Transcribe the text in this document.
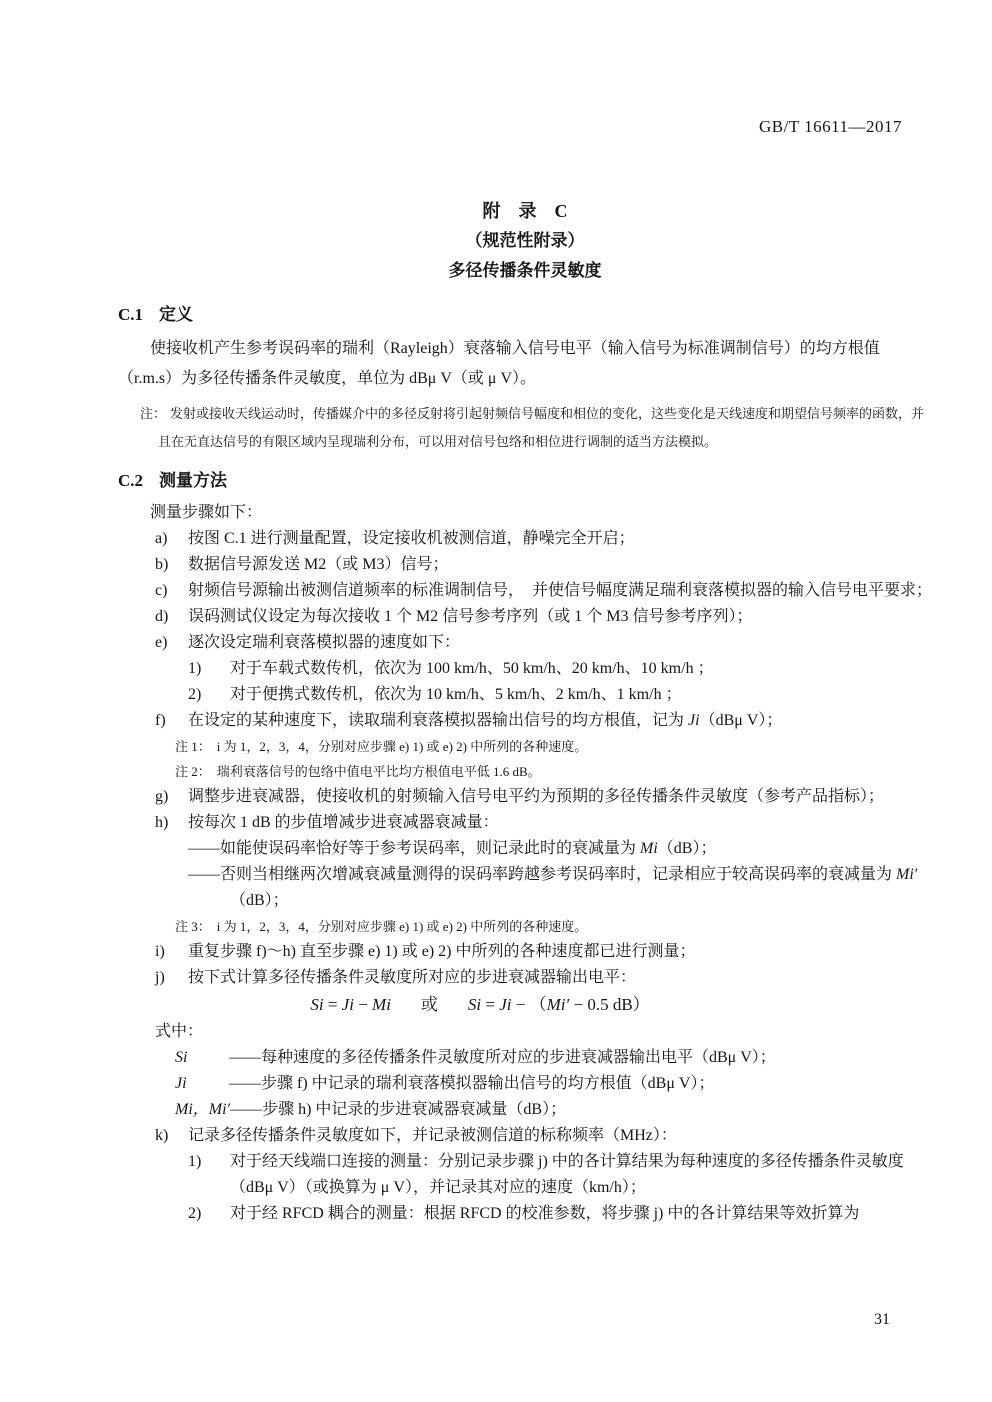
GB/T 16611—2017
附　录　C
（规范性附录）
多径传播条件灵敏度
C.1 定义

使接收机产生参考误码率的瑞利（Rayleigh）衰落输入信号电平（输入信号为标准调制信号）的均方根值（r.m.s）为多径传播条件灵敏度，单位为 dBμ V（或 μ V）。

注： 发射或接收天线运动时，传播媒介中的多径反射将引起射频信号幅度和相位的变化，这些变化是天线速度和期望信号频率的函数，并且在无直达信号的有限区域内呈现瑞利分布，可以用对信号包络和相位进行调制的适当方法模拟。
C.2 测量方法
测量步骤如下：
a) 按图 C.1 进行测量配置，设定接收机被测信道，静噪完全开启；
b) 数据信号源发送 M2（或 M3）信号；
c) 射频信号源输出被测信道频率的标准调制信号，　并使信号幅度满足瑞利衰落模拟器的输入信号电平要求；
d) 误码测试仪设定为每次接收 1 个 M2 信号参考序列（或 1 个 M3 信号参考序列）；
e) 逐次设定瑞利衰落模拟器的速度如下：
1) 对于车载式数传机，依次为 100 km/h、50 km/h、20 km/h、10 km/h ；
2) 对于便携式数传机，依次为 10 km/h、5 km/h、2 km/h、1 km/h ；
f) 在设定的某种速度下，读取瑞利衰落模拟器输出信号的均方根值，记为 Ji（dBμ V）；
注 1： i 为 1，2，3，4，分别对应步骤 e) 1) 或 e) 2) 中所列的各种速度。
注 2： 瑞利衰落信号的包络中值电平比均方根值电平低 1.6 dB。
g) 调整步进衰减器，使接收机的射频输入信号电平约为预期的多径传播条件灵敏度（参考产品指标）；
h) 按每次 1 dB 的步值增减步进衰减器衰减量：
——如能使误码率恰好等于参考误码率，则记录此时的衰减量为 Mi（dB）；
——否则当相继两次增减衰减量测得的误码率跨越参考误码率时，记录相应于较高误码率的衰减量为 Mi′（dB）；
注 3： i 为 1，2，3，4，分别对应步骤 e) 1) 或 e) 2) 中所列的各种速度。
i) 重复步骤 f)～h) 直至步骤 e) 1) 或 e) 2) 中所列的各种速度都已进行测量；
j) 按下式计算多径传播条件灵敏度所对应的步进衰减器输出电平：
Si = Ji − Mi 或 Si = Ji − （Mi′ − 0.5 dB）
式中：
Si	——每种速度的多径传播条件灵敏度所对应的步进衰减器输出电平（dBμ V）；
Ji	——步骤 f) 中记录的瑞利衰落模拟器输出信号的均方根值（dBμ V）；
Mi，Mi′——步骤 h) 中记录的步进衰减器衰减量（dB）；
k) 记录多径传播条件灵敏度如下，并记录被测信道的标称频率（MHz）：
1) 对于经天线端口连接的测量：分别记录步骤 j) 中的各计算结果为每种速度的多径传播条件灵敏度（dBμ V）（或换算为 μ V），并记录其对应的速度（km/h）；
2) 对于经 RFCD 耦合的测量：根据 RFCD 的校准参数，将步骤 j) 中的各计算结果等效折算为
31
